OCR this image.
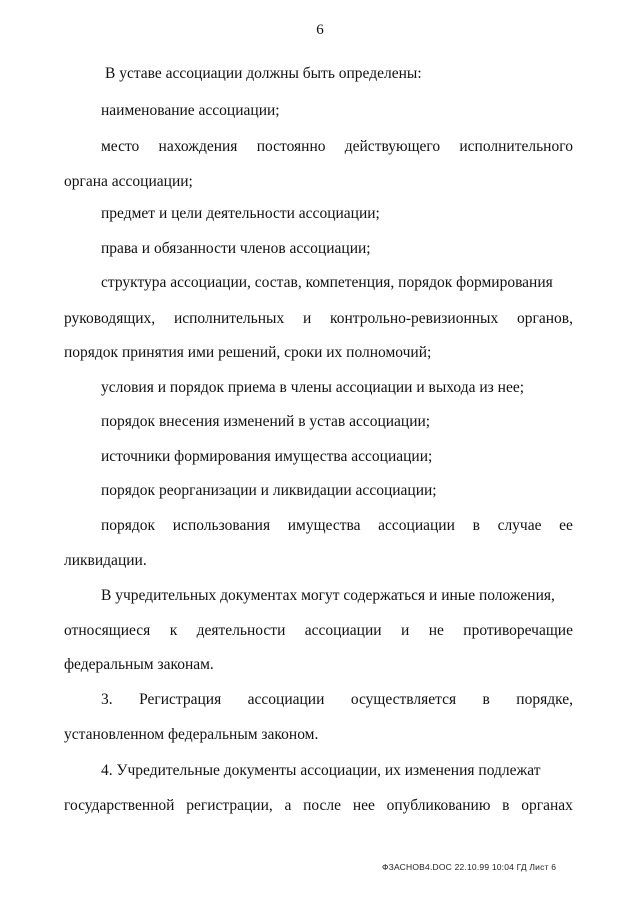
6
В уставе ассоциации должны быть определены:
наименование ассоциации;
место нахождения постоянно действующего исполнительного
органа ассоциации;
предмет и цели деятельности ассоциации;
права и обязанности членов ассоциации;
структура ассоциации, состав, компетенция, порядок формирования
руководящих, исполнительных и контрольно-ревизионных органов,
порядок принятия ими решений, сроки их полномочий;
условия и порядок приема в члены ассоциации и выхода из нее;
порядок внесения изменений в устав ассоциации;
источники формирования имущества ассоциации;
порядок реорганизации и ликвидации ассоциации;
порядок использования имущества ассоциации в случае ее
ликвидации.
В учредительных документах могут содержаться и иные положения,
относящиеся к деятельности ассоциации и не противоречащие
федеральным законам.
3. Регистрация ассоциации осуществляется в порядке,
установленном федеральным законом.
4. Учредительные документы ассоциации, их изменения подлежат
государственной регистрации, а после нее опубликованию в органах
ФЗАСНОВ4.DOC 22.10.99 10:04 ГД Лист 6
